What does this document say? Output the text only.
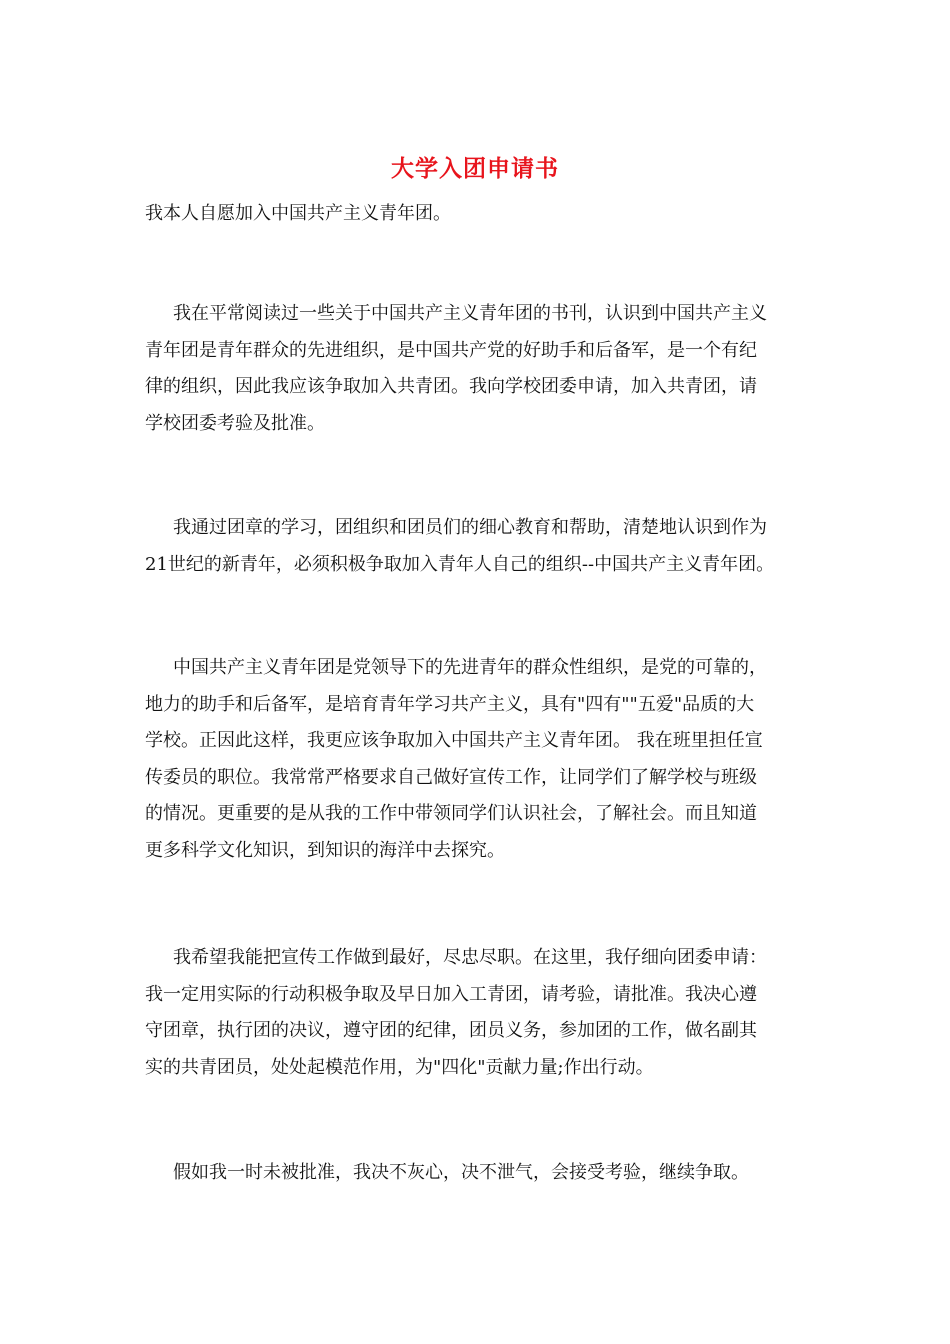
大学入团申请书

我本人自愿加入中国共产主义青年团。

我在平常阅读过一些关于中国共产主义青年团的书刊，认识到中国共产主义
青年团是青年群众的先进组织，是中国共产党的好助手和后备军，是一个有纪
律的组织，因此我应该争取加入共青团。我向学校团委申请，加入共青团，请
学校团委考验及批准。

我通过团章的学习，团组织和团员们的细心教育和帮助，清楚地认识到作为
21世纪的新青年，必须积极争取加入青年人自己的组织--中国共产主义青年团。

中国共产主义青年团是党领导下的先进青年的群众性组织，是党的可靠的，
地力的助手和后备军，是培育青年学习共产主义，具有"四有""五爱"品质的大
学校。正因此这样，我更应该争取加入中国共产主义青年团。 我在班里担任宣
传委员的职位。我常常严格要求自己做好宣传工作，让同学们了解学校与班级
的情况。更重要的是从我的工作中带领同学们认识社会，了解社会。而且知道
更多科学文化知识，到知识的海洋中去探究。

我希望我能把宣传工作做到最好，尽忠尽职。在这里，我仔细向团委申请：
我一定用实际的行动积极争取及早日加入工青团，请考验，请批准。我决心遵
守团章，执行团的决议，遵守团的纪律，团员义务，参加团的工作，做名副其
实的共青团员，处处起模范作用，为"四化"贡献力量;作出行动。

假如我一时未被批准，我决不灰心，决不泄气，会接受考验，继续争取。
